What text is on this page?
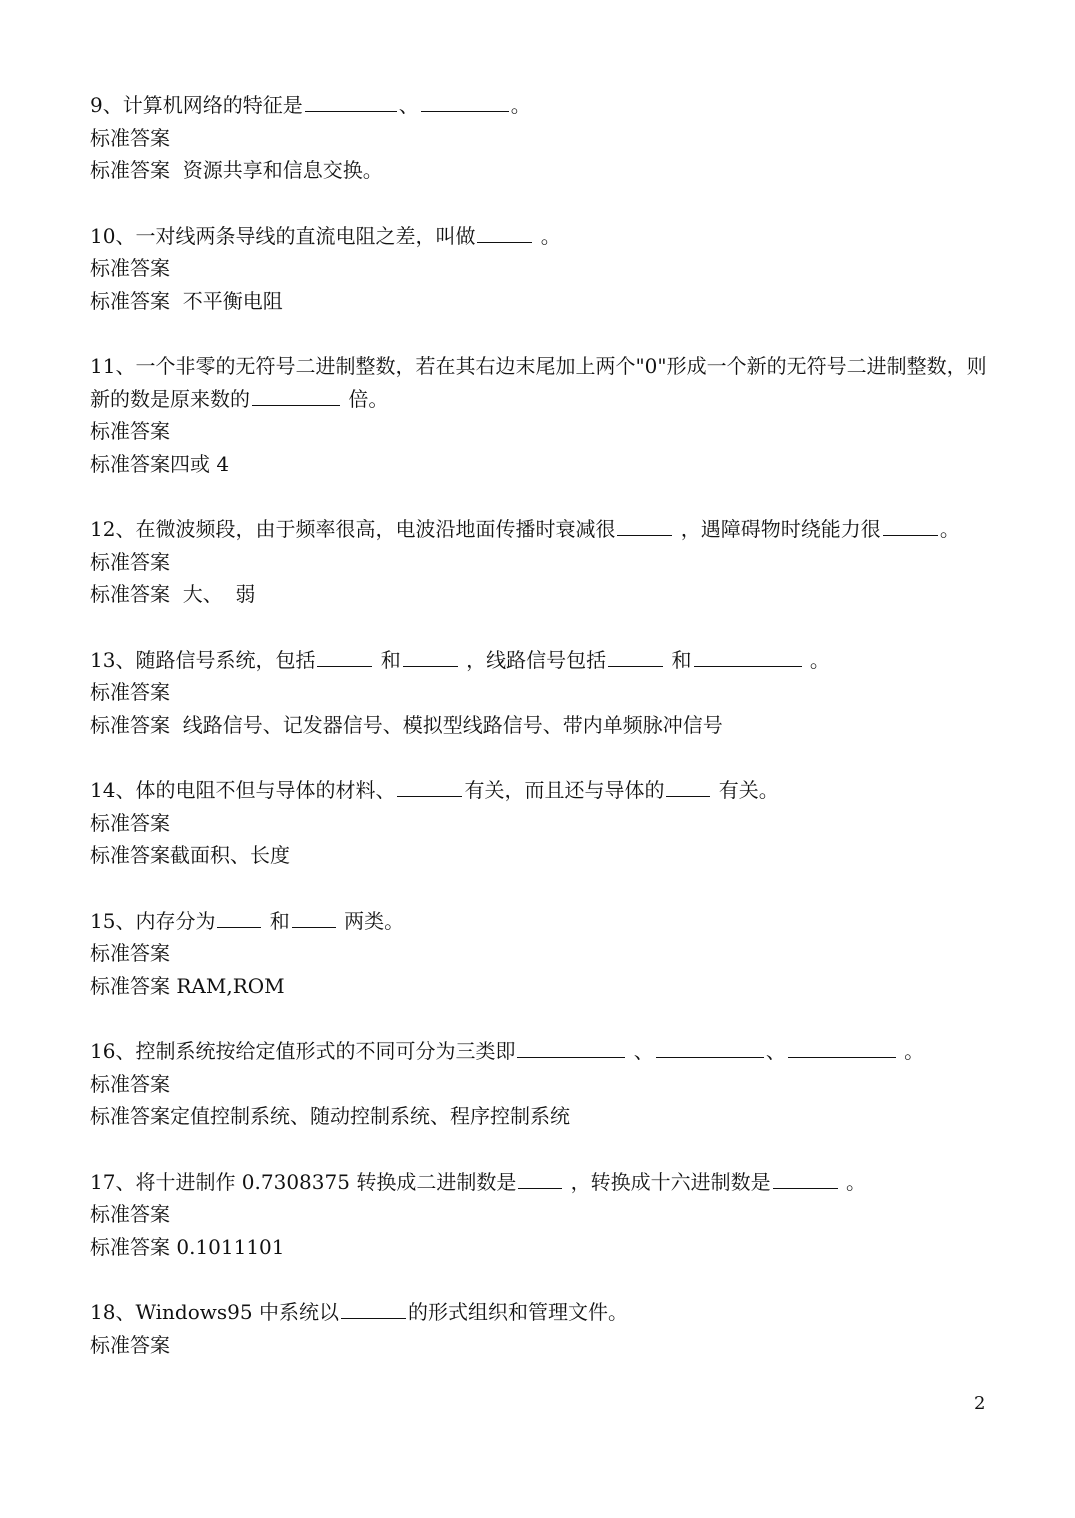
9、计算机网络的特征是	、	。
标准答案
标准答案  资源共享和信息交换。
10、一对线两条导线的直流电阻之差，叫做	。
标准答案
标准答案  不平衡电阻
11、一个非零的无符号二进制整数，若在其右边末尾加上两个"0"形成一个新的无符号二进制整数，则新的数是原来数的	倍。
标准答案
标准答案四或 4
12、在微波频段，由于频率很高，电波沿地面传播时衰减很	，遇障碍物时绕能力很	。
标准答案
标准答案  大、  弱
13、随路信号系统，包括	和	，线路信号包括	和	。
标准答案
标准答案  线路信号、记发器信号、模拟型线路信号、带内单频脉冲信号
14、体的电阻不但与导体的材料、	有关，而且还与导体的 有关。
标准答案
标准答案截面积、长度
15、内存分为 和 两类。
标准答案
标准答案 RAM,ROM
16、控制系统按给定值形式的不同可分为三类即	、	、	。
标准答案
标准答案定值控制系统、随动控制系统、程序控制系统
17、将十进制作 0.7308375 转换成二进制数是 ，转换成十六进制数是	。
标准答案
标准答案 0.1011101
18、Windows95 中系统以	的形式组织和管理文件。
标准答案
2
